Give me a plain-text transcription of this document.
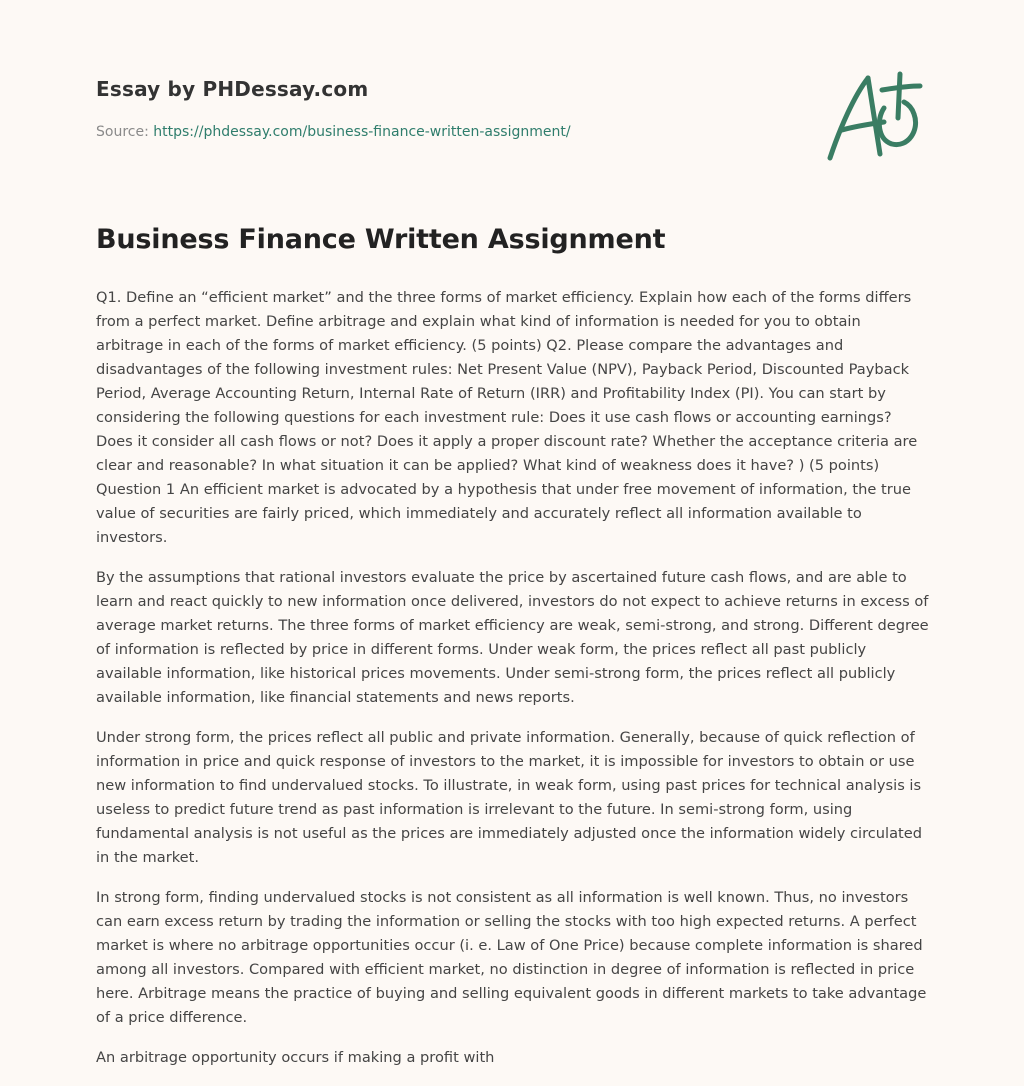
Essay by PHDessay.com
Source: https://phdessay.com/business-finance-written-assignment/
Business Finance Written Assignment

Q1. Define an “efficient market” and the three forms of market efficiency. Explain how each of the forms differs from a perfect market. Define arbitrage and explain what kind of information is needed for you to obtain arbitrage in each of the forms of market efficiency. (5 points) Q2. Please compare the advantages and disadvantages of the following investment rules: Net Present Value (NPV), Payback Period, Discounted Payback Period, Average Accounting Return, Internal Rate of Return (IRR) and Profitability Index (PI). You can start by considering the following questions for each investment rule: Does it use cash flows or accounting earnings? Does it consider all cash flows or not? Does it apply a proper discount rate? Whether the acceptance criteria are clear and reasonable? In what situation it can be applied? What kind of weakness does it have? ) (5 points) Question 1 An efficient market is advocated by a hypothesis that under free movement of information, the true value of securities are fairly priced, which immediately and accurately reflect all information available to investors.

By the assumptions that rational investors evaluate the price by ascertained future cash flows, and are able to learn and react quickly to new information once delivered, investors do not expect to achieve returns in excess of average market returns. The three forms of market efficiency are weak, semi-strong, and strong. Different degree of information is reflected by price in different forms. Under weak form, the prices reflect all past publicly available information, like historical prices movements. Under semi-strong form, the prices reflect all publicly available information, like financial statements and news reports.

Under strong form, the prices reflect all public and private information. Generally, because of quick reflection of information in price and quick response of investors to the market, it is impossible for investors to obtain or use new information to find undervalued stocks. To illustrate, in weak form, using past prices for technical analysis is useless to predict future trend as past information is irrelevant to the future. In semi-strong form, using fundamental analysis is not useful as the prices are immediately adjusted once the information widely circulated in the market.

In strong form, finding undervalued stocks is not consistent as all information is well known. Thus, no investors can earn excess return by trading the information or selling the stocks with too high expected returns. A perfect market is where no arbitrage opportunities occur (i. e. Law of One Price) because complete information is shared among all investors. Compared with efficient market, no distinction in degree of information is reflected in price here. Arbitrage means the practice of buying and selling equivalent goods in different markets to take advantage of a price difference.

An arbitrage opportunity occurs if making a profit with
